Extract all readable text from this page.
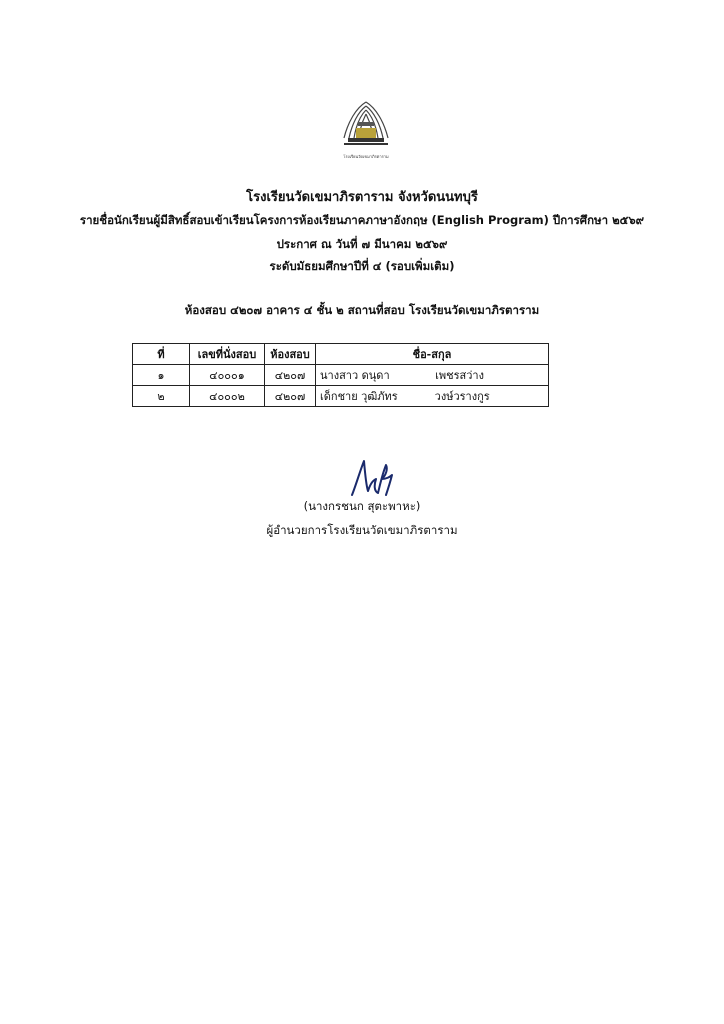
โรงเรียนวัดเขมาภิรตาราม
โรงเรียนวัดเขมาภิรตาราม จังหวัดนนทบุรี
รายชื่อนักเรียนผู้มีสิทธิ์สอบเข้าเรียนโครงการห้องเรียนภาคภาษาอังกฤษ (English Program) ปีการศึกษา ๒๕๖๙
ประกาศ ณ วันที่ ๗ มีนาคม ๒๕๖๙
ระดับมัธยมศึกษาปีที่ ๔ (รอบเพิ่มเติม)
ห้องสอบ ๔๒๐๗ อาคาร ๔ ชั้น ๒ สถานที่สอบ โรงเรียนวัดเขมาภิรตาราม
ที่	เลขที่นั่งสอบ	ห้องสอบ	ชื่อ-สกุล
๑	๔๐๐๐๑	๔๒๐๗	นางสาว ดนุดา เพชรสว่าง
๒	๔๐๐๐๒	๔๒๐๗	เด็กชาย วุฒิภัทร วงษ์วรางกูร
(นางกรชนก สุตะพาหะ)
ผู้อำนวยการโรงเรียนวัดเขมาภิรตาราม
